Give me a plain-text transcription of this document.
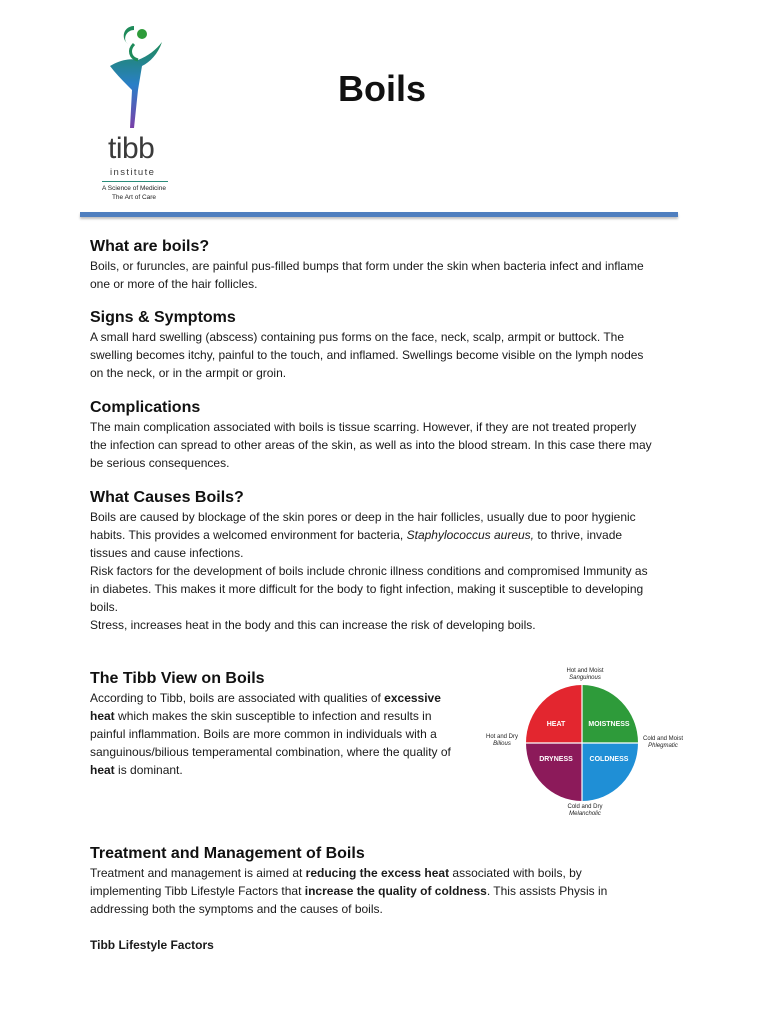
tibb
institute
A Science of Medicine
The Art of Care
Boils
What are boils?

Boils, or furuncles, are painful pus-filled bumps that form under the skin when bacteria infect and inflame

one or more of the hair follicles.

Signs & Symptoms

A small hard swelling (abscess) containing pus forms on the face, neck, scalp, armpit or buttock. The

swelling becomes itchy, painful to the touch, and inflamed. Swellings become visible on the lymph nodes

on the neck, or in the armpit or groin.

Complications

The main complication associated with boils is tissue scarring. However, if they are not treated properly

the infection can spread to other areas of the skin, as well as into the blood stream. In this case there may

be serious consequences.

What Causes Boils?

Boils are caused by blockage of the skin pores or deep in the hair follicles, usually due to poor hygienic

habits. This provides a welcomed environment for bacteria, Staphylococcus aureus, to thrive, invade

tissues and cause infections.

Risk factors for the development of boils include chronic illness conditions and compromised Immunity as

in diabetes. This makes it more difficult for the body to fight infection, making it susceptible to developing

boils.

Stress, increases heat in the body and this can increase the risk of developing boils.

The Tibb View on Boils

According to Tibb, boils are associated with qualities of excessive

heat which makes the skin susceptible to infection and results in

painful inflammation. Boils are more common in individuals with a

sanguinous/bilious temperamental combination, where the quality of

heat is dominant.

Hot and Moist
Sanguinous
Cold and Moist
Phlegmatic
Cold and Dry
Melancholic
Hot and Dry
Bilious
HEAT	MOISTNESS
DRYNESS COLDNESS
Treatment and Management of Boils

Treatment and management is aimed at reducing the excess heat associated with boils, by

implementing Tibb Lifestyle Factors that increase the quality of coldness. This assists Physis in

addressing both the symptoms and the causes of boils.

Tibb Lifestyle Factors
